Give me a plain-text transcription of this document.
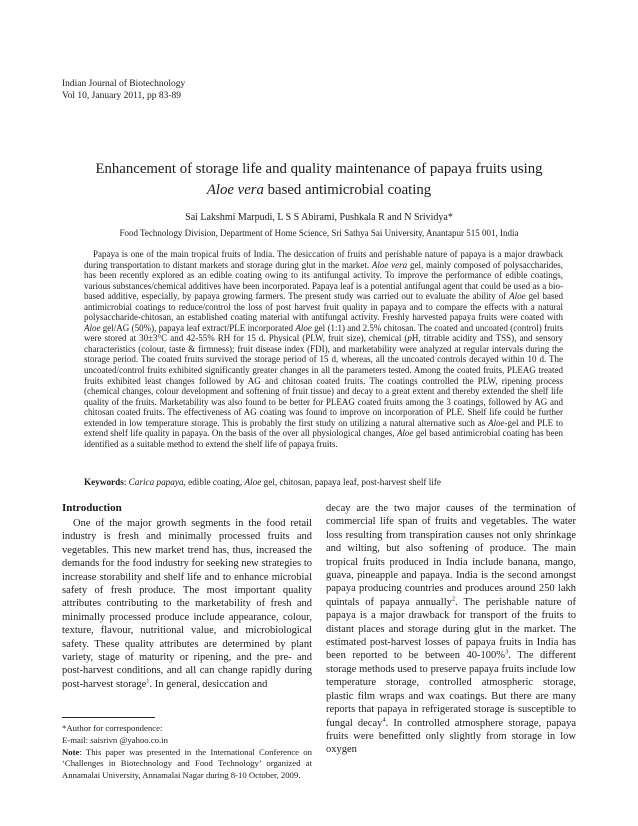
Indian Journal of Biotechnology
Vol 10, January 2011, pp 83-89
Enhancement of storage life and quality maintenance of papaya fruits using
Aloe vera based antimicrobial coating
Sai Lakshmi Marpudi, L S S Abirami, Pushkala R and N Srividya*
Food Technology Division, Department of Home Science, Sri Sathya Sai University, Anantapur 515 001, India

Papaya is one of the main tropical fruits of India. The desiccation of fruits and perishable nature of papaya is a major drawback during transportation to distant markets and storage during glut in the market. Aloe vera gel, mainly composed of polysaccharides, has been recently explored as an edible coating owing to its antifungal activity. To improve the performance of edible coatings, various substances/chemical additives have been incorporated. Papaya leaf is a potential antifungal agent that could be used as a bio-based additive, especially, by papaya growing farmers. The present study was carried out to evaluate the ability of Aloe gel based antimicrobial coatings to reduce/control the loss of post harvest fruit quality in papaya and to compare the effects with a natural polysaccharide-chitosan, an established coating material with antifungal activity. Freshly harvested papaya fruits were coated with Aloe gel/AG (50%), papaya leaf extract/PLE incorporated Aloe gel (1:1) and 2.5% chitosan. The coated and uncoated (control) fruits were stored at 30±3°C and 42-55% RH for 15 d. Physical (PLW, fruit size), chemical (pH, titrable acidity and TSS), and sensory characteristics (colour, taste & firmness); fruit disease index (FDI), and marketability were analyzed at regular intervals during the storage period. The coated fruits survived the storage period of 15 d, whereas, all the uncoated controls decayed within 10 d. The uncoated/control fruits exhibited significantly greater changes in all the parameters tested. Among the coated fruits, PLEAG treated fruits exhibited least changes followed by AG and chitosan coated fruits. The coatings controlled the PLW, ripening process (chemical changes, colour development and softening of fruit tissue) and decay to a great extent and thereby extended the shelf life quality of the fruits. Marketability was also found to be better for PLEAG coated fruits among the 3 coatings, followed by AG and chitosan coated fruits. The effectiveness of AG coating was found to improve on incorporation of PLE. Shelf life could be further extended in low temperature storage. This is probably the first study on utilizing a natural alternative such as Aloe-gel and PLE to extend shelf life quality in papaya. On the basis of the over all physiological changes, Aloe gel based antimicrobial coating has been identified as a suitable method to extend the shelf life of papaya fruits.

Keywords: Carica papaya, edible coating, Aloe gel, chitosan, papaya leaf, post-harvest shelf life

Introduction

One of the major growth segments in the food retail industry is fresh and minimally processed fruits and vegetables. This new market trend has, thus, increased the demands for the food industry for seeking new strategies to increase storability and shelf life and to enhance microbial safety of fresh produce. The most important quality attributes contributing to the marketability of fresh and minimally processed produce include appearance, colour, texture, flavour, nutritional value, and microbiological safety. These quality attributes are determined by plant variety, stage of maturity or ripening, and the pre- and post-harvest conditions, and all can change rapidly during post-harvest storage$^1$. In general, desiccation and

decay are the two major causes of the termination of commercial life span of fruits and vegetables. The water loss resulting from transpiration causes not only shrinkage and wilting, but also softening of produce. The main tropical fruits produced in India include banana, mango, guava, pineapple and papaya. India is the second amongst papaya producing countries and produces around 250 lakh quintals of papaya annually$^2$. The perishable nature of papaya is a major drawback for transport of the fruits to distant places and storage during glut in the market. The estimated post-harvest losses of papaya fruits in India has been reported to be between 40-100%$^3$. The different storage methods used to preserve papaya fruits include low temperature storage, controlled atmospheric storage, plastic film wraps and wax coatings. But there are many reports that papaya in refrigerated storage is susceptible to fungal decay$^4$. In controlled atmosphere storage, papaya fruits were benefitted only slightly from storage in low oxygen

*Author for correspondence:
E-mail: saisrivn @yahoo.co.in
Note: This paper was presented in the International Conference on ‘Challenges in Biotechnology and Food Technology’ organized at Annamalai University, Annamalai Nagar during 8-10 October, 2009.
